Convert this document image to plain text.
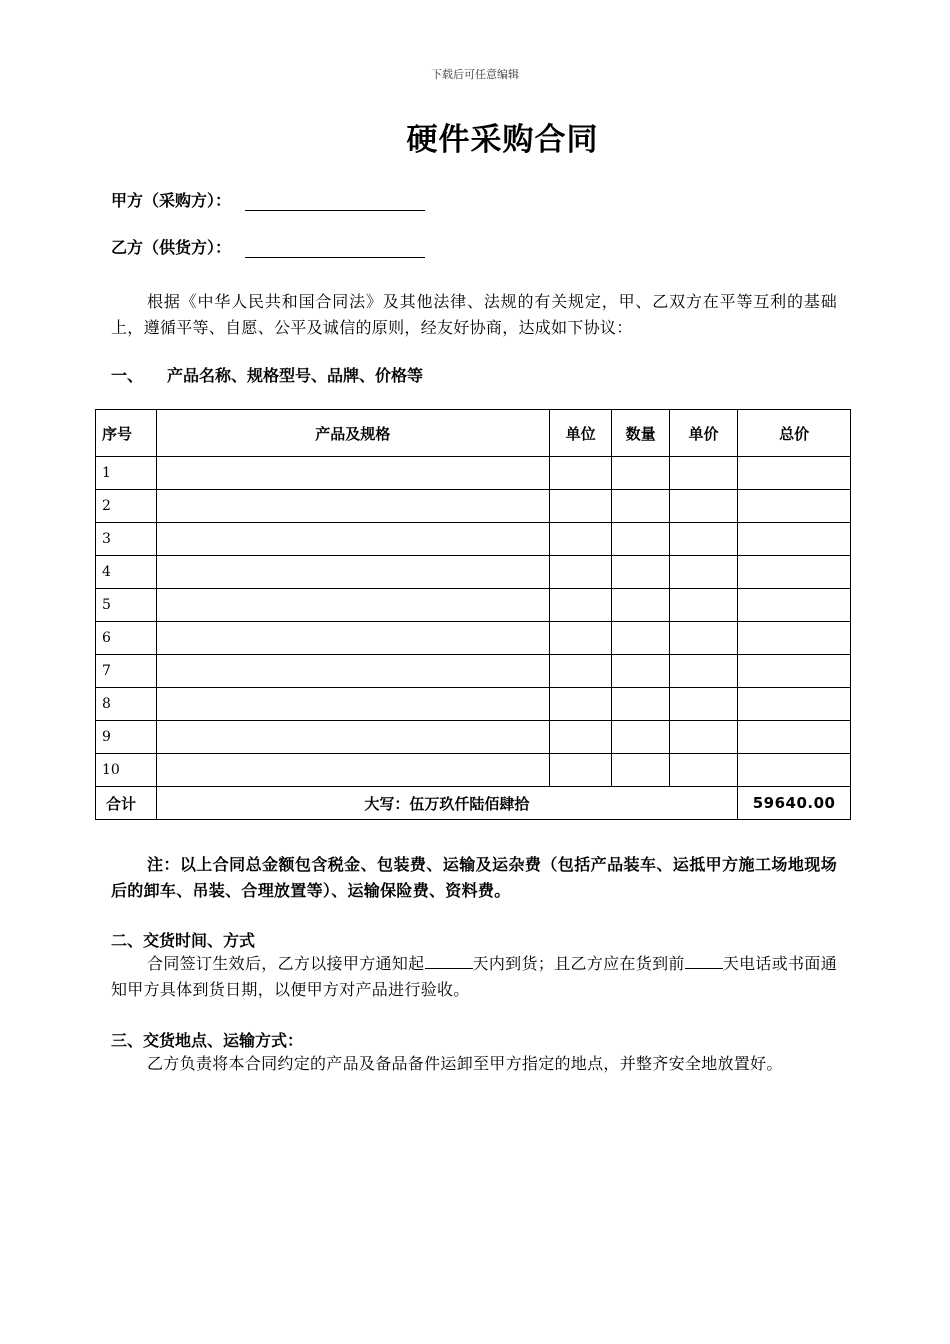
下载后可任意编辑
硬件采购合同
甲方（采购方）：
乙方（供货方）：
根据《中华人民共和国合同法》及其他法律、法规的有关规定，甲、乙双方在平等互利的基础上，遵循平等、自愿、公平及诚信的原则，经友好协商，达成如下协议：
一、 产品名称、规格型号、品牌、价格等
序号	产品及规格	单位	数量	单价	总价
1					
2					
3					
4					
5					
6					
7					
8					
9					
10					
合计	大写：伍万玖仟陆佰肆拾				59640.00
注：以上合同总金额包含税金、包装费、运输及运杂费（包括产品装车、运抵甲方施工场地现场后的卸车、吊装、合理放置等）、运输保险费、资料费。
二、交货时间、方式
合同签订生效后，乙方以接甲方通知起	天内到货；且乙方应在货到前 天电话或书面通知甲方具体到货日期，以便甲方对产品进行验收。
三、交货地点、运输方式：
乙方负责将本合同约定的产品及备品备件运卸至甲方指定的地点，并整齐安全地放置好。
